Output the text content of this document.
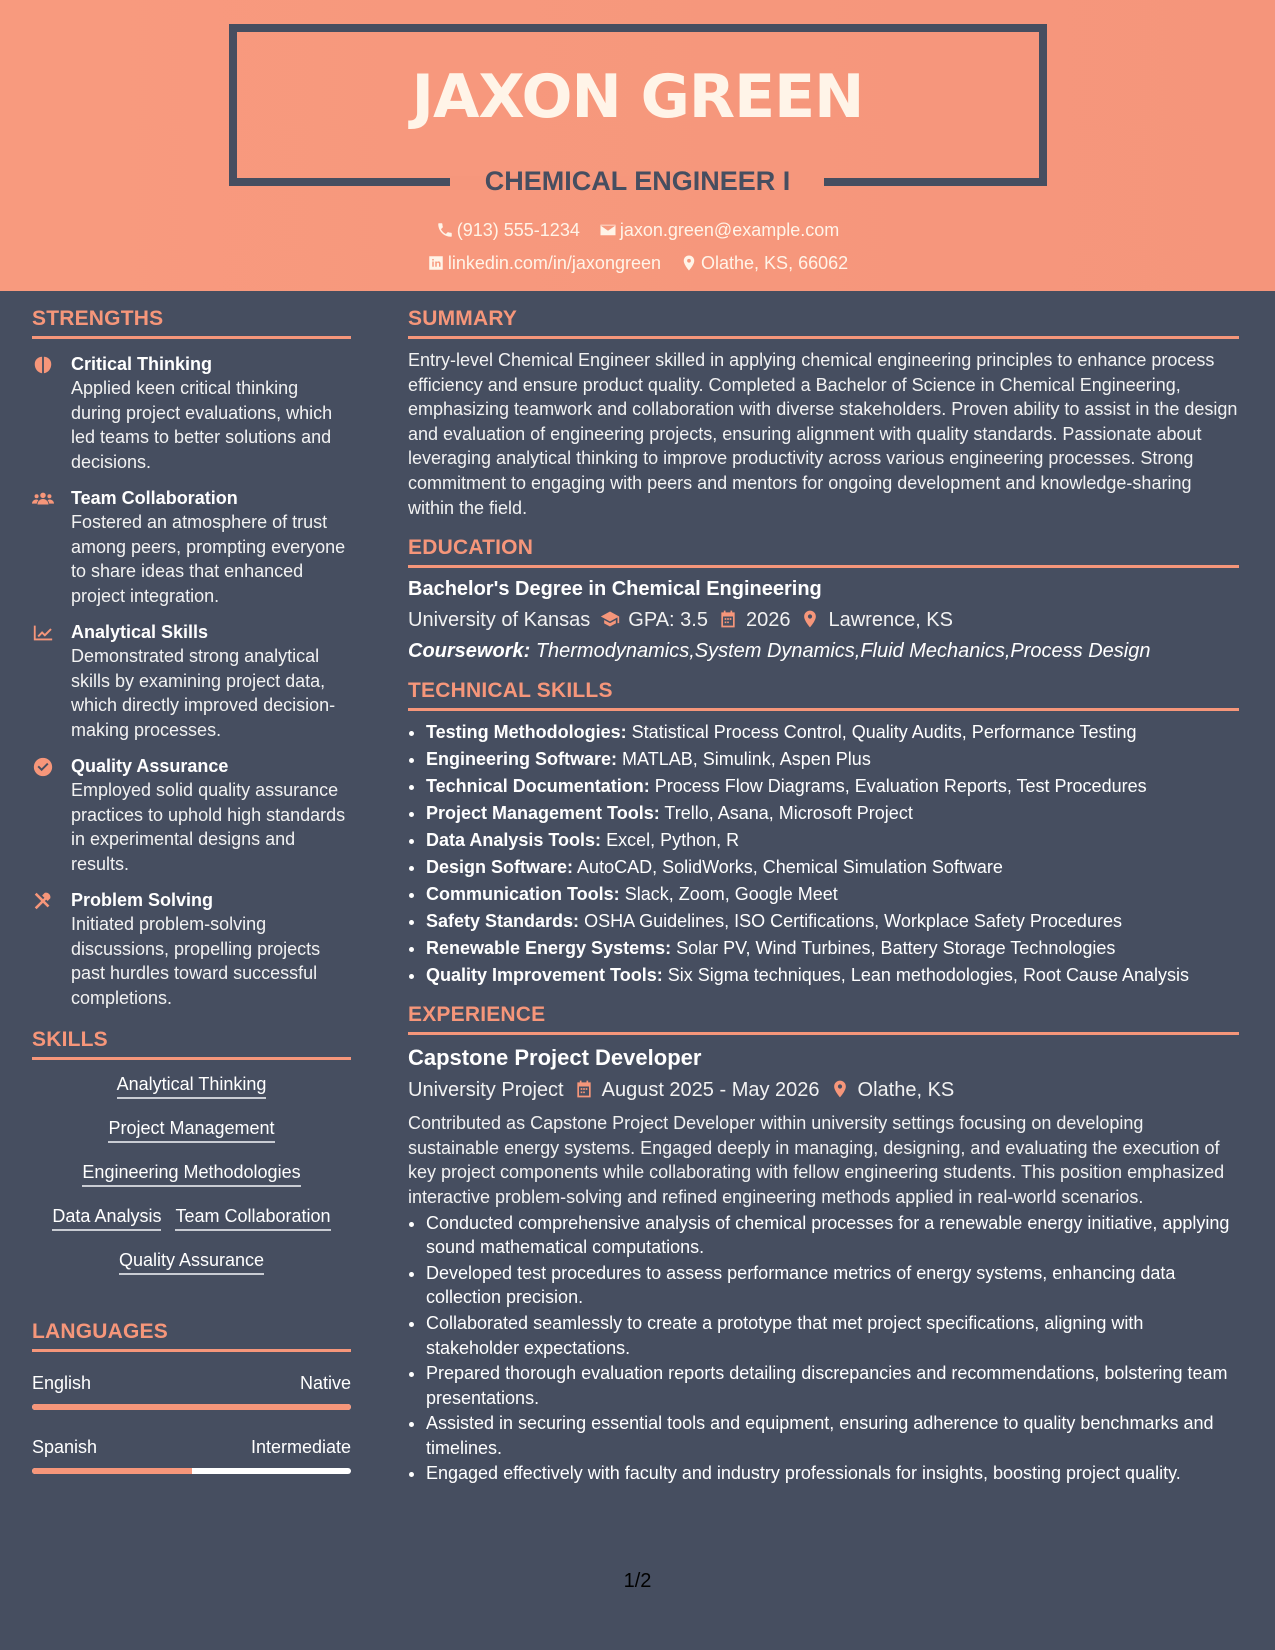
JAXON GREEN
CHEMICAL ENGINEER I
(913) 555-1234 jaxon.green@example.com
linkedin.com/in/jaxongreen Olathe, KS, 66062
STRENGTHS
Critical Thinking
Applied keen critical thinking during project evaluations, which led teams to better solutions and decisions.
Team Collaboration
Fostered an atmosphere of trust among peers, prompting everyone to share ideas that enhanced project integration.
Analytical Skills
Demonstrated strong analytical skills by examining project data, which directly improved decision-making processes.
Quality Assurance
Employed solid quality assurance practices to uphold high standards in experimental designs and results.
Problem Solving
Initiated problem-solving discussions, propelling projects past hurdles toward successful completions.
SKILLS
Analytical Thinking
Project Management
Engineering Methodologies
Data Analysis Team Collaboration
Quality Assurance
LANGUAGES
English	Native
Spanish	Intermediate
SUMMARY
Entry-level Chemical Engineer skilled in applying chemical engineering principles to enhance process efficiency and ensure product quality. Completed a Bachelor of Science in Chemical Engineering, emphasizing teamwork and collaboration with diverse stakeholders. Proven ability to assist in the design and evaluation of engineering projects, ensuring alignment with quality standards. Passionate about leveraging analytical thinking to improve productivity across various engineering processes. Strong commitment to engaging with peers and mentors for ongoing development and knowledge-sharing within the field.
EDUCATION
Bachelor's Degree in Chemical Engineering
University of Kansas GPA: 3.5 2026 Lawrence, KS
Coursework: Thermodynamics,System Dynamics,Fluid Mechanics,Process Design
TECHNICAL SKILLS
• Testing Methodologies: Statistical Process Control, Quality Audits, Performance Testing
• Engineering Software: MATLAB, Simulink, Aspen Plus
• Technical Documentation: Process Flow Diagrams, Evaluation Reports, Test Procedures
• Project Management Tools: Trello, Asana, Microsoft Project
• Data Analysis Tools: Excel, Python, R
• Design Software: AutoCAD, SolidWorks, Chemical Simulation Software
• Communication Tools: Slack, Zoom, Google Meet
• Safety Standards: OSHA Guidelines, ISO Certifications, Workplace Safety Procedures
• Renewable Energy Systems: Solar PV, Wind Turbines, Battery Storage Technologies
• Quality Improvement Tools: Six Sigma techniques, Lean methodologies, Root Cause Analysis
EXPERIENCE
Capstone Project Developer
University Project August 2025 - May 2026 Olathe, KS
Contributed as Capstone Project Developer within university settings focusing on developing sustainable energy systems. Engaged deeply in managing, designing, and evaluating the execution of key project components while collaborating with fellow engineering students. This position emphasized interactive problem-solving and refined engineering methods applied in real-world scenarios.
• Conducted comprehensive analysis of chemical processes for a renewable energy initiative, applying sound mathematical computations.
• Developed test procedures to assess performance metrics of energy systems, enhancing data collection precision.
• Collaborated seamlessly to create a prototype that met project specifications, aligning with stakeholder expectations.
• Prepared thorough evaluation reports detailing discrepancies and recommendations, bolstering team presentations.
• Assisted in securing essential tools and equipment, ensuring adherence to quality benchmarks and timelines.
• Engaged effectively with faculty and industry professionals for insights, boosting project quality.
1/2
